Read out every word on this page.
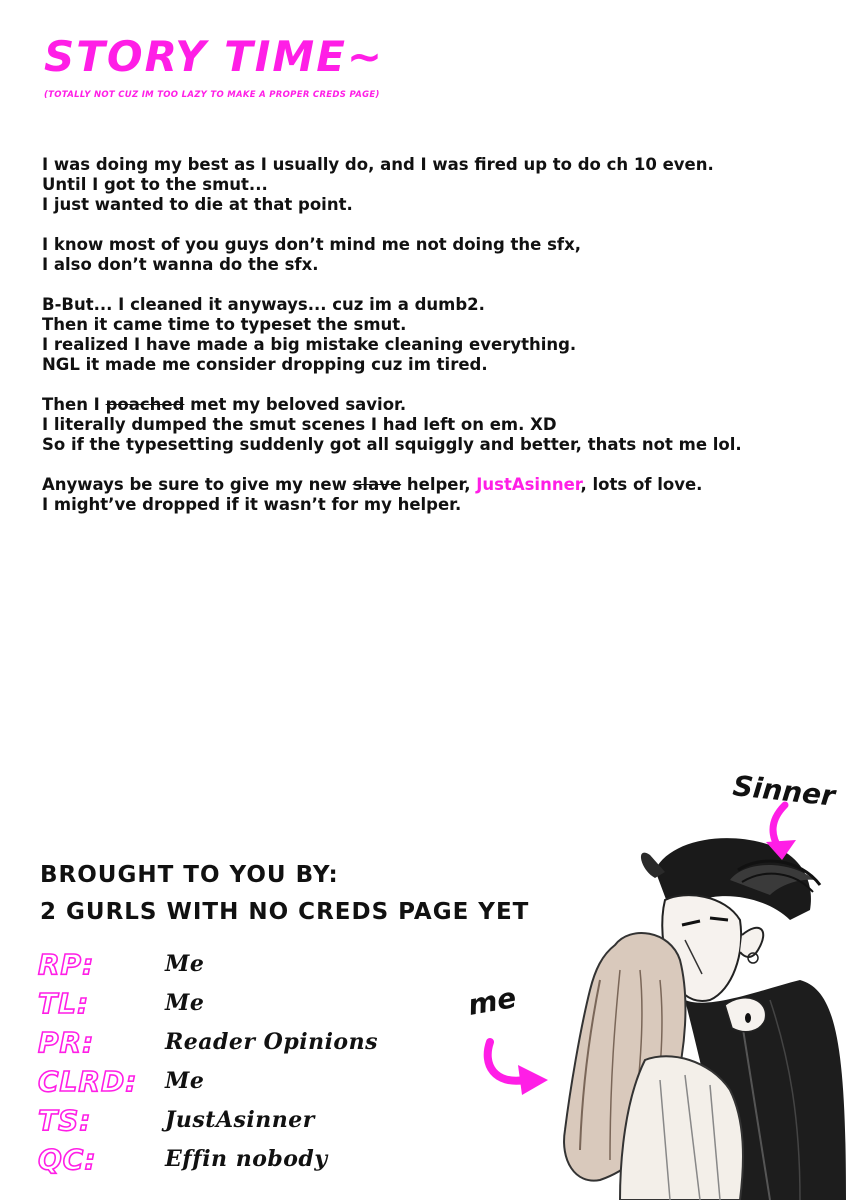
STORY TIME~
(TOTALLY NOT CUZ IM TOO LAZY TO MAKE A PROPER CREDS PAGE)
I was doing my best as I usually do, and I was fired up to do ch 10 even.
Until I got to the smut...
I just wanted to die at that point.
I know most of you guys don’t mind me not doing the sfx,
I also don’t wanna do the sfx.
B-But... I cleaned it anyways... cuz im a dumb2.
Then it came time to typeset the smut.
I realized I have made a big mistake cleaning everything.
NGL it made me consider dropping cuz im tired.
Then I poached met my beloved savior.
I literally dumped the smut scenes I had left on em. XD
So if the typesetting suddenly got all squiggly and better, thats not me lol.
Anyways be sure to give my new slave helper, JustAsinner, lots of love.
I might’ve dropped if it wasn’t for my helper.
BROUGHT TO YOU BY:
2 GURLS WITH NO CREDS PAGE YET
RP:	Me
TL:	Me
PR:	Reader Opinions
CLRD: Me
TS:	JustAsinner
QC:	Effin nobody
Sinner
me
